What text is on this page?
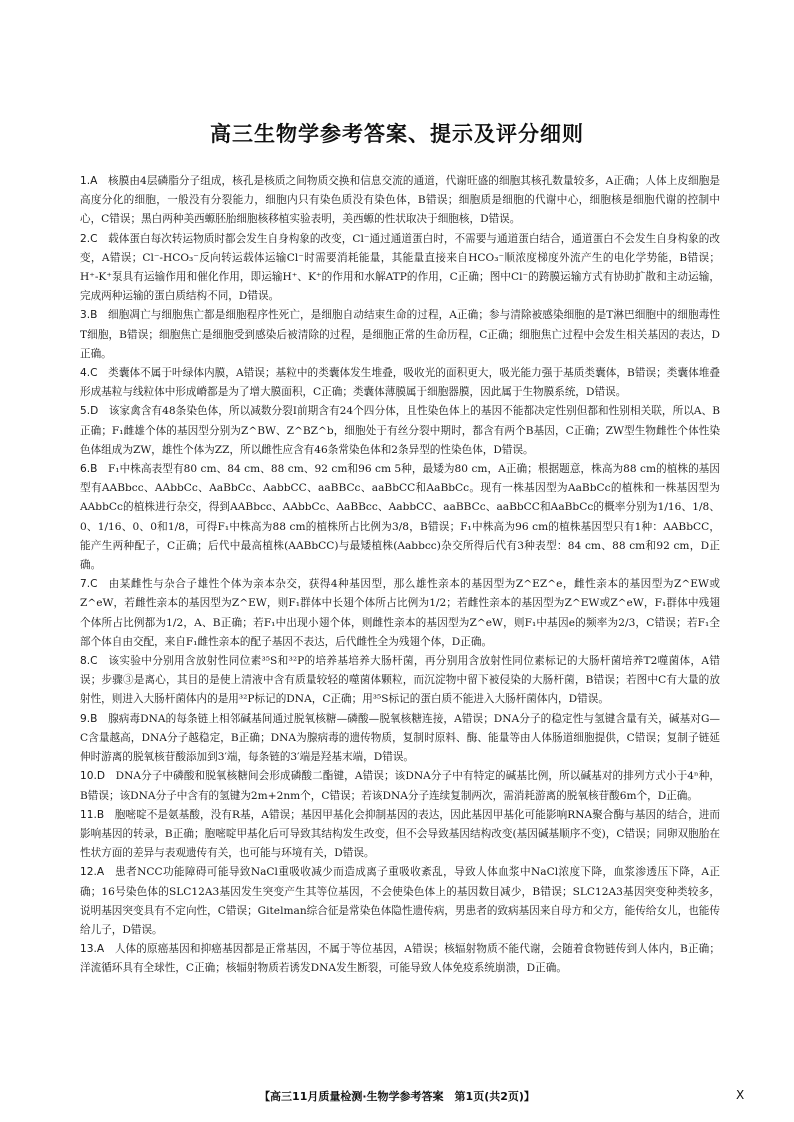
高三生物学参考答案、提示及评分细则

1.A  核膜由4层磷脂分子组成，核孔是核质之间物质交换和信息交流的通道，代谢旺盛的细胞其核孔数量较多，A正确；人体上皮细胞是高度分化的细胞，一般没有分裂能力，细胞内只有染色质没有染色体，B错误；细胞质是细胞的代谢中心，细胞核是细胞代谢的控制中心，C错误；黑白两种美西螈胚胎细胞核移植实验表明，美西螈的性状取决于细胞核，D错误。

2.C  载体蛋白每次转运物质时都会发生自身构象的改变，Cl⁻通过通道蛋白时，不需要与通道蛋白结合，通道蛋白不会发生自身构象的改变，A错误；Cl⁻-HCO₃⁻反向转运载体运输Cl⁻时需要消耗能量，其能量直接来自HCO₃⁻顺浓度梯度外流产生的电化学势能，B错误；H⁺-K⁺泵具有运输作用和催化作用，即运输H⁺、K⁺的作用和水解ATP的作用，C正确；图中Cl⁻的跨膜运输方式有协助扩散和主动运输，完成两种运输的蛋白质结构不同，D错误。

3.B  细胞凋亡与细胞焦亡都是细胞程序性死亡，是细胞自动结束生命的过程，A正确；参与清除被感染细胞的是T淋巴细胞中的细胞毒性T细胞，B错误；细胞焦亡是细胞受到感染后被清除的过程，是细胞正常的生命历程，C正确；细胞焦亡过程中会发生相关基因的表达，D正确。

4.C  类囊体不属于叶绿体内膜，A错误；基粒中的类囊体发生堆叠，吸收光的面积更大，吸光能力强于基质类囊体，B错误；类囊体堆叠形成基粒与线粒体中形成嵴都是为了增大膜面积，C正确；类囊体薄膜属于细胞器膜，因此属于生物膜系统，D错误。

5.D  该家禽含有48条染色体，所以减数分裂Ⅰ前期含有24个四分体，且性染色体上的基因不能都决定性别但都和性别相关联，所以A、B正确；F₁雌雄个体的基因型分别为Z^BW、Z^BZ^b，细胞处于有丝分裂中期时，都含有两个B基因，C正确；ZW型生物雌性个体性染色体组成为ZW，雄性个体为ZZ，所以雌性应含有46条常染色体和2条异型的性染色体，D错误。

6.B  F₁中株高表型有80 cm、84 cm、88 cm、92 cm和96 cm 5种，最矮为80 cm，A正确；根据题意，株高为88 cm的植株的基因型有AABbcc、AAbbCc、AaBbCc、AabbCC、aaBBCc、aaBbCC和AaBbCc。现有一株基因型为AaBbCc的植株和一株基因型为AAbbCc的植株进行杂交，得到AABbcc、AAbbCc、AaBBcc、AabbCC、aaBBCc、aaBbCC和AaBbCc的概率分别为1/16、1/8、0、1/16、0、0和1/8，可得F₁中株高为88 cm的植株所占比例为3/8，B错误；F₁中株高为96 cm的植株基因型只有1种：AABbCC，能产生两种配子，C正确；后代中最高植株(AABbCC)与最矮植株(Aabbcc)杂交所得后代有3种表型：84 cm、88 cm和92 cm，D正确。

7.C  由某雌性与杂合子雄性个体为亲本杂交，获得4种基因型，那么雄性亲本的基因型为Z^EZ^e，雌性亲本的基因型为Z^EW或Z^eW，若雌性亲本的基因型为Z^EW，则F₁群体中长翅个体所占比例为1/2；若雌性亲本的基因型为Z^EW或Z^eW，F₁群体中残翅个体所占比例都为1/2，A、B正确；若F₁中出现小翅个体，则雌性亲本的基因型为Z^eW，则F₁中基因e的频率为2/3，C错误；若F₁全部个体自由交配，来自F₁雌性亲本的配子基因不表达，后代雌性全为残翅个体，D正确。

8.C  该实验中分别用含放射性同位素³⁵S和³²P的培养基培养大肠杆菌，再分别用含放射性同位素标记的大肠杆菌培养T2噬菌体，A错误；步骤③是离心，其目的是使上清液中含有质量较轻的噬菌体颗粒，而沉淀物中留下被侵染的大肠杆菌，B错误；若图中C有大量的放射性，则进入大肠杆菌体内的是用³²P标记的DNA，C正确；用³⁵S标记的蛋白质不能进入大肠杆菌体内，D错误。

9.B  腺病毒DNA的每条链上相邻碱基间通过脱氧核糖—磷酸—脱氧核糖连接，A错误；DNA分子的稳定性与氢键含量有关，碱基对G—C含量越高，DNA分子越稳定，B正确；DNA为腺病毒的遗传物质，复制时原料、酶、能量等由人体肠道细胞提供，C错误；复制子链延伸时游离的脱氧核苷酸添加到3′端，每条链的3′端是羟基末端，D错误。

10.D  DNA分子中磷酸和脱氧核糖间会形成磷酸二酯键，A错误；该DNA分子中有特定的碱基比例，所以碱基对的排列方式小于4ⁿ种，B错误；该DNA分子中含有的氢键为2m+2nm个，C错误；若该DNA分子连续复制两次，需消耗游离的脱氧核苷酸6m个，D正确。

11.B  胞嘧啶不是氨基酸，没有R基，A错误；基因甲基化会抑制基因的表达，因此基因甲基化可能影响RNA聚合酶与基因的结合，进而影响基因的转录，B正确；胞嘧啶甲基化后可导致其结构发生改变，但不会导致基因结构改变(基因碱基顺序不变)，C错误；同卵双胞胎在性状方面的差异与表观遗传有关，也可能与环境有关，D错误。

12.A  患者NCC功能障碍可能导致NaCl重吸收减少而造成离子重吸收紊乱，导致人体血浆中NaCl浓度下降，血浆渗透压下降，A正确；16号染色体的SLC12A3基因发生突变产生其等位基因，不会使染色体上的基因数目减少，B错误；SLC12A3基因突变种类较多，说明基因突变具有不定向性，C错误；Gitelman综合征是常染色体隐性遗传病，男患者的致病基因来自母方和父方，能传给女儿，也能传给儿子，D错误。

13.A  人体的原癌基因和抑癌基因都是正常基因，不属于等位基因，A错误；核辐射物质不能代谢，会随着食物链传到人体内，B正确；洋流循环具有全球性，C正确；核辐射物质若诱发DNA发生断裂，可能导致人体免疫系统崩溃，D正确。

【高三11月质量检测·生物学参考答案　第1页(共2页)】	X
